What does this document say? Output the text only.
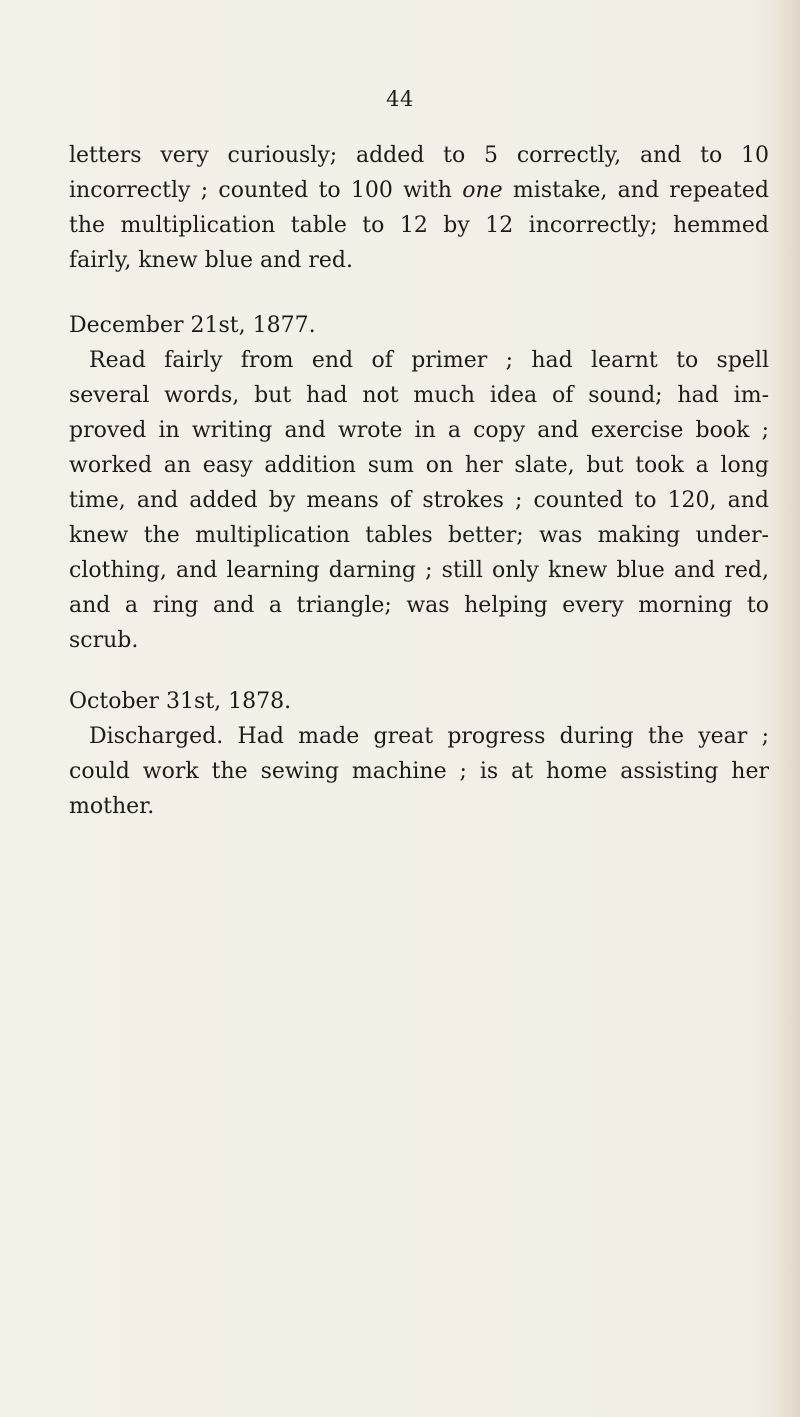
44
letters very curiously; added to 5 correctly, and to 10
incorrectly ; counted to 100 with one mistake, and repeated
the multiplication table to 12 by 12 incorrectly; hemmed
fairly, knew blue and red.
December 21st, 1877.
Read fairly from end of primer ; had learnt to spell
several words, but had not much idea of sound; had im-
proved in writing and wrote in a copy and exercise book ;
worked an easy addition sum on her slate, but took a long
time, and added by means of strokes ; counted to 120, and
knew the multiplication tables better; was making under-
clothing, and learning darning ; still only knew blue and red,
and a ring and a triangle; was helping every morning to
scrub.
October 31st, 1878.
Discharged. Had made great progress during the year ;
could work the sewing machine ; is at home assisting her
mother.
